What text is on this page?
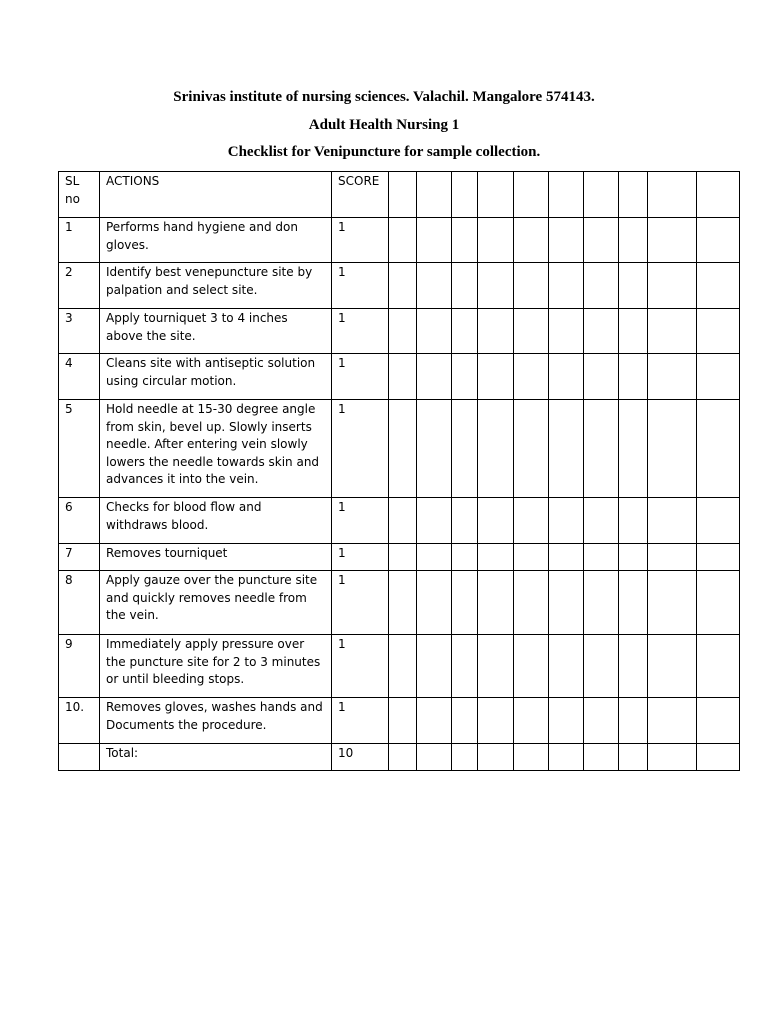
Srinivas institute of nursing sciences. Valachil. Mangalore 574143.
Adult Health Nursing 1
Checklist for Venipuncture for sample collection.
SL no	ACTIONS	SCORE										
1	Performs hand hygiene and don gloves.	1										
2	Identify best venepuncture site by palpation and select site.	1										
3	Apply tourniquet 3 to 4 inches above the site.	1										
4	Cleans site with antiseptic solution using circular motion.	1										
5	Hold needle at 15-30 degree angle from skin, bevel up. Slowly inserts needle. After entering vein slowly lowers the needle towards skin and advances it into the vein.	1										
6	Checks for blood flow and withdraws blood.	1										
7	Removes tourniquet	1										
8	Apply gauze over the puncture site and quickly removes needle from the vein.	1										
9	Immediately apply pressure over the puncture site for 2 to 3 minutes or until bleeding stops.	1										
10.	Removes gloves, washes hands and Documents the procedure.	1										
	Total:	10										
